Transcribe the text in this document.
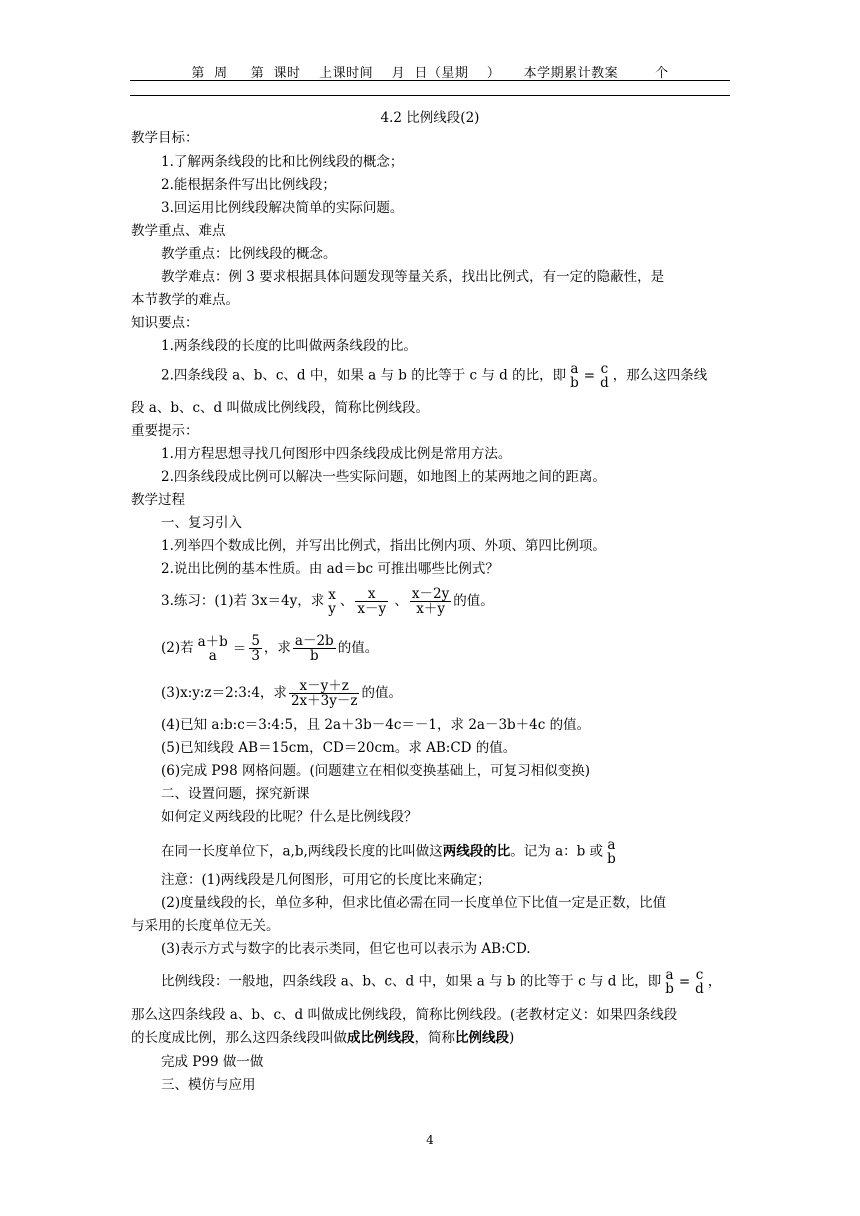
第  周     第  课时    上课时间    月  日（星期    ）     本学期累计教案        个
4.2 比例线段(2)
教学目标：
1.了解两条线段的比和比例线段的概念；
2.能根据条件写出比例线段；
3.回运用比例线段解决简单的实际问题。
教学重点、难点
教学重点：比例线段的概念。
教学难点：例 3 要求根据具体问题发现等量关系，找出比例式，有一定的隐蔽性，是
本节教学的难点。
知识要点：
1.两条线段的长度的比叫做两条线段的比。
2.四条线段 a、b、c、d 中，如果 a 与 b 的比等于 c 与 d 的比，即 a
b = c
d ，那么这四条线
段 a、b、c、d 叫做成比例线段，简称比例线段。
重要提示：
1.用方程思想寻找几何图形中四条线段成比例是常用方法。
2.四条线段成比例可以解决一些实际问题，如地图上的某两地之间的距离。
教学过程
一、复习引入
1.列举四个数成比例，并写出比例式，指出比例内项、外项、第四比例项。
2.说出比例的基本性质。由 ad＝bc 可推出哪些比例式？
3.练习：(1)若 3x＝4y，求 x
y 、 $\frac{x}{x-y}$ 、 $\frac{x-2y}{x+y}$ 的值。
(2)若 a＋b
a	＝ $\frac{5}{3}$ ，求 $\frac{a-2b}{b}$ 的值。
(3)x:y:z＝2:3:4，求 $\frac{x-y+z}{2x+3y-z}$ 的值。
(4)已知 a:b:c＝3:4:5，且 2a＋3b－4c＝－1，求 2a－3b＋4c 的值。
(5)已知线段 AB＝15cm，CD＝20cm。求 AB:CD 的值。
(6)完成 P98 网格问题。(问题建立在相似变换基础上，可复习相似变换)
二、设置问题，探究新课
如何定义两线段的比呢？什么是比例线段？
在同一长度单位下，a,b,两线段长度的比叫做这两线段的比。记为 a：b 或 a
b
注意：(1)两线段是几何图形，可用它的长度比来确定；
(2)度量线段的长，单位多种，但求比值必需在同一长度单位下比值一定是正数，比值
与采用的长度单位无关。
(3)表示方式与数字的比表示类同，但它也可以表示为 AB:CD.
比例线段：一般地，四条线段 a、b、c、d 中，如果 a 与 b 的比等于 c 与 d 比，即 a
b = c
d ，
那么这四条线段 a、b、c、d 叫做成比例线段，简称比例线段。(老教材定义：如果四条线段
的长度成比例，那么这四条线段叫做成比例线段，简称比例线段)
完成 P99 做一做
三、模仿与应用
4
